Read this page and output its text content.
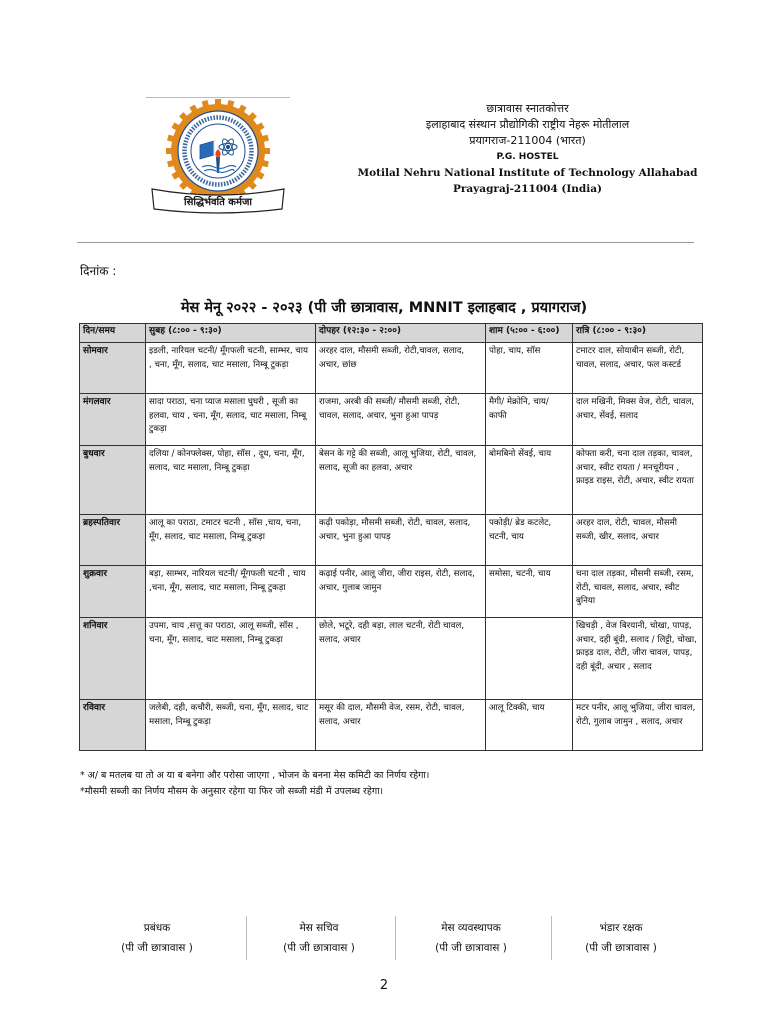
सिद्धिर्भवति कर्मजा
छात्रावास स्नातकोत्तर
इलाहाबाद संस्थान प्रौद्योगिकी राष्ट्रीय नेहरू मोतीलाल
प्रयागराज-211004 (भारत)
P.G. HOSTEL
Motilal Nehru National Institute of Technology Allahabad
Prayagraj-211004 (India)
दिनांक :
मेस मेनू २०२२ - २०२३ (पी जी छात्रावास, MNNIT इलाहबाद , प्रयागराज)
दिन/समय	सुबह (८:०० - ९:३०)	दोपहर (१२:३० - २:००)	शाम (५:०० - ६:००)	रात्रि (८:०० - ९:३०)
सोमवार	इडली, नारियल चटनी/ मूँगफली चटनी, साम्भर, चाय , चना, मूँग, सलाद, चाट मसाला, निम्बू टुकड़ा	अरहर दाल, मौसमी सब्जी, रोटी,चावल, सलाद, अचार, छांछ	पोहा, चाय, सॉस	टमाटर दाल, सोयाबीन सब्जी, रोटी, चावल, सलाद, अचार, फल कस्टर्ड
मंगलवार	सादा पराठा, चना प्याज मसाला घुघरी , सूजी का हलवा, चाय , चना, मूँग, सलाद, चाट मसाला, निम्बू टुकड़ा	राजमा, अरबी की सब्जी/ मौसमी सब्जी, रोटी, चावल, सलाद, अचार, भुना हुआ पापड़	मैगी/ मेक्रोनि, चाय/ काफी	दाल मखिनी, मिक्स वेज, रोटी, चावल, अचार, सेंवई, सलाद
बुधवार	दलिया / कोनफ्लेक्स, पोहा, सॉस , दूध, चना, मूँग, सलाद, चाट मसाला, निम्बू टुकड़ा	बेसन के गट्टे की सब्जी, आलू भुजिया, रोटी, चावल, सलाद, सूजी का हलवा, अचार	बोमबिनो सेंवई, चाय	कोफ्ता करी, चना दाल तड़का, चावल, अचार, स्वीट रायता / मनचूरीयन , फ्राइड राइस, रोटी, अचार, स्वीट रायता
ब्रहस्पतिवार	आलू का पराठा, टमाटर चटनी , सॉस ,चाय, चना, मूँग, सलाद, चाट मसाला, निम्बू टुकड़ा	कढ़ी पकोड़ा, मौसमी सब्जी, रोटी, चावल, सलाद, अचार, भुना हुआ पापड़	पकोड़ी/ ब्रेड कटलेट, चटनी, चाय	अरहर दाल, रोटी, चावल, मौसमी सब्जी, खीर, सलाद, अचार
शुक्रवार	बड़ा, साम्भर, नारियल चटनी/ मूँगफली चटनी , चाय ,चना, मूँग, सलाद, चाट मसाला, निम्बू टुकड़ा	कढ़ाई पनीर, आलू जीरा, जीरा राइस, रोटी, सलाद, अचार, गुलाब जामुन	समोसा, चटनी, चाय	चना दाल तड़का, मौसमी सब्जी, रसम, रोटी, चावल, सलाद, अचार, स्वीट बुनिया
शनिवार	उपमा, चाय ,सत्तू का पराठा, आलू सब्जी, सॉस , चना, मूँग, सलाद, चाट मसाला, निम्बू टुकड़ा	छोले, भटूरे, दही बड़ा, लाल चटनी, रोटी चावल, सलाद, अचार		खिचड़ी , वेज बिरयानी, चोखा, पापड़, अचार, दही बूंदी, सलाद / लिट्टी, चोखा, फ्राइड दाल, रोटी, जीरा चावल, पापड़, दही बूंदी, अचार , सलाद
रविवार	जलेबी, दही, कचौरी, सब्जी, चना, मूँग, सलाद, चाट मसाला, निम्बू टुकड़ा	मसूर की दाल, मौसमी वेज, रसम, रोटी, चावल, सलाद, अचार	आलू टिक्की, चाय	मटर पनीर, आलू भुजिया, जीरा चावल, रोटी, गुलाब जामुन , सलाद, अचार
* अ/ ब मतलब या तो अ या ब बनेगा और परोसा जाएगा , भोजन के बनना मेस कमिटी का निर्णय रहेगा।
*मौसमी सब्जी का निर्णय मौसम के अनुसार रहेगा या फिर जो सब्जी मंडी में उपलब्ध रहेगा।
प्रबंधक
(पी जी छात्रावास )
मेस सचिव
(पी जी छात्रावास )
मेस व्यवस्थापक
(पी जी छात्रावास )
भंडार रक्षक
(पी जी छात्रावास )
2
